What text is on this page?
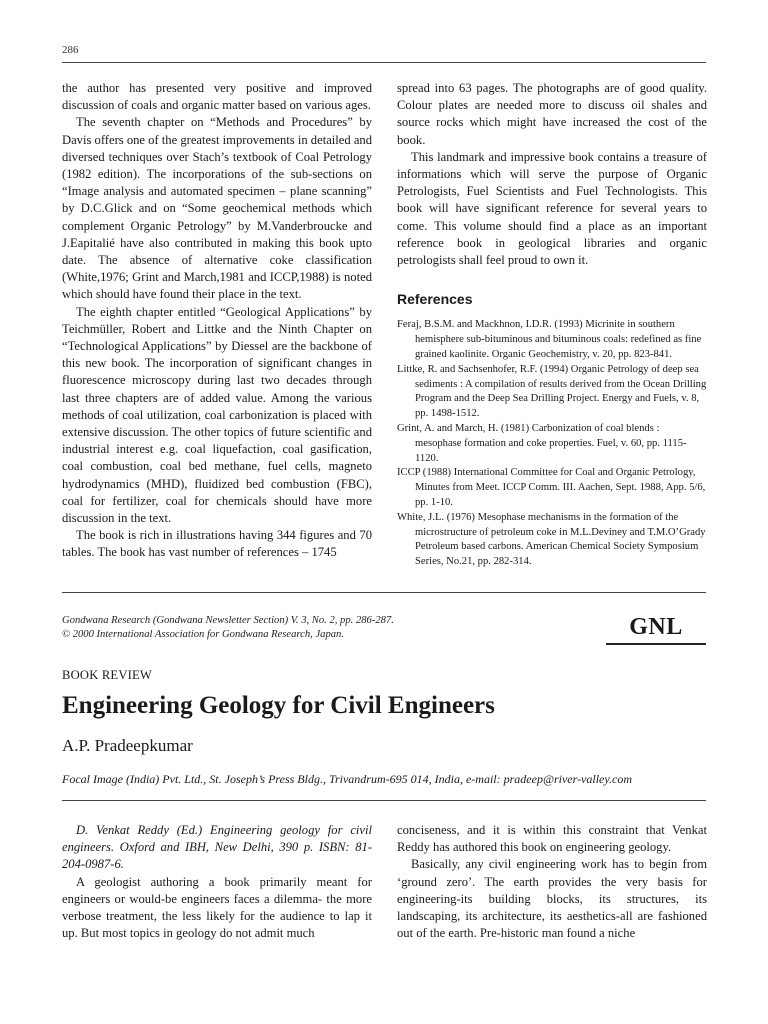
286

the author has presented very positive and improved discussion of coals and organic matter based on various ages.

The seventh chapter on “Methods and Procedures” by Davis offers one of the greatest improvements in detailed and diversed techniques over Stach’s textbook of Coal Petrology (1982 edition). The incorporations of the sub-sections on “Image analysis and automated specimen – plane scanning” by D.C.Glick and on “Some geochemical methods which complement Organic Petrology” by M.Vanderbroucke and J.Eapitalié have also contributed in making this book upto date. The absence of alternative coke classification (White,1976; Grint and March,1981 and ICCP,1988) is noted which should have found their place in the text.

The eighth chapter entitled “Geological Applications” by Teichmüller, Robert and Littke and the Ninth Chapter on “Technological Applications” by Diessel are the backbone of this new book. The incorporation of significant changes in fluorescence microscopy during last two decades through last three chapters are of added value. Among the various methods of coal utilization, coal carbonization is placed with extensive discussion. The other topics of future scientific and industrial interest e.g. coal liquefaction, coal gasification, coal combustion, coal bed methane, fuel cells, magneto hydrodynamics (MHD), fluidized bed combustion (FBC), coal for fertilizer, coal for chemicals should have more discussion in the text.

The book is rich in illustrations having 344 figures and 70 tables. The book has vast number of references – 1745

spread into 63 pages. The photographs are of good quality. Colour plates are needed more to discuss oil shales and source rocks which might have increased the cost of the book.

This landmark and impressive book contains a treasure of informations which will serve the purpose of Organic Petrologists, Fuel Scientists and Fuel Technologists. This book will have significant reference for several years to come. This volume should find a place as an important reference book in geological libraries and organic petrologists shall feel proud to own it.

References

Feraj, B.S.M. and Mackhnon, I.D.R. (1993) Micrinite in southern hemisphere sub-bituminous and bituminous coals: redefined as fine grained kaolinite. Organic Geochemistry, v. 20, pp. 823-841.

Littke, R. and Sachsenhofer, R.F. (1994) Organic Petrology of deep sea sediments : A compilation of results derived from the Ocean Drilling Program and the Deep Sea Drilling Project. Energy and Fuels, v. 8, pp. 1498-1512.

Grint, A. and March, H. (1981) Carbonization of coal blends : mesophase formation and coke properties. Fuel, v. 60, pp. 1115-1120.

ICCP (1988) International Committee for Coal and Organic Petrology, Minutes from Meet. ICCP Comm. III. Aachen, Sept. 1988, App. 5/6, pp. 1-10.

White, J.L. (1976) Mesophase mechanisms in the formation of the microstructure of petroleum coke in M.L.Deviney and T.M.O’Grady Petroleum based carbons. American Chemical Society Symposium Series, No.21, pp. 282-314.

Gondwana Research (Gondwana Newsletter Section) V. 3, No. 2, pp. 286-287.
© 2000 International Association for Gondwana Research, Japan.	GNL
BOOK REVIEW
Engineering Geology for Civil Engineers
A.P. Pradeepkumar
Focal Image (India) Pvt. Ltd., St. Joseph’s Press Bldg., Trivandrum-695 014, India, e-mail: pradeep@river-valley.com

D. Venkat Reddy (Ed.) Engineering geology for civil engineers. Oxford and IBH, New Delhi, 390 p. ISBN: 81-204-0987-6.

A geologist authoring a book primarily meant for engineers or would-be engineers faces a dilemma- the more verbose treatment, the less likely for the audience to lap it up. But most topics in geology do not admit much

conciseness, and it is within this constraint that Venkat Reddy has authored this book on engineering geology.

Basically, any civil engineering work has to begin from ‘ground zero’. The earth provides the very basis for engineering-its building blocks, its structures, its landscaping, its architecture, its aesthetics-all are fashioned out of the earth. Pre-historic man found a niche
